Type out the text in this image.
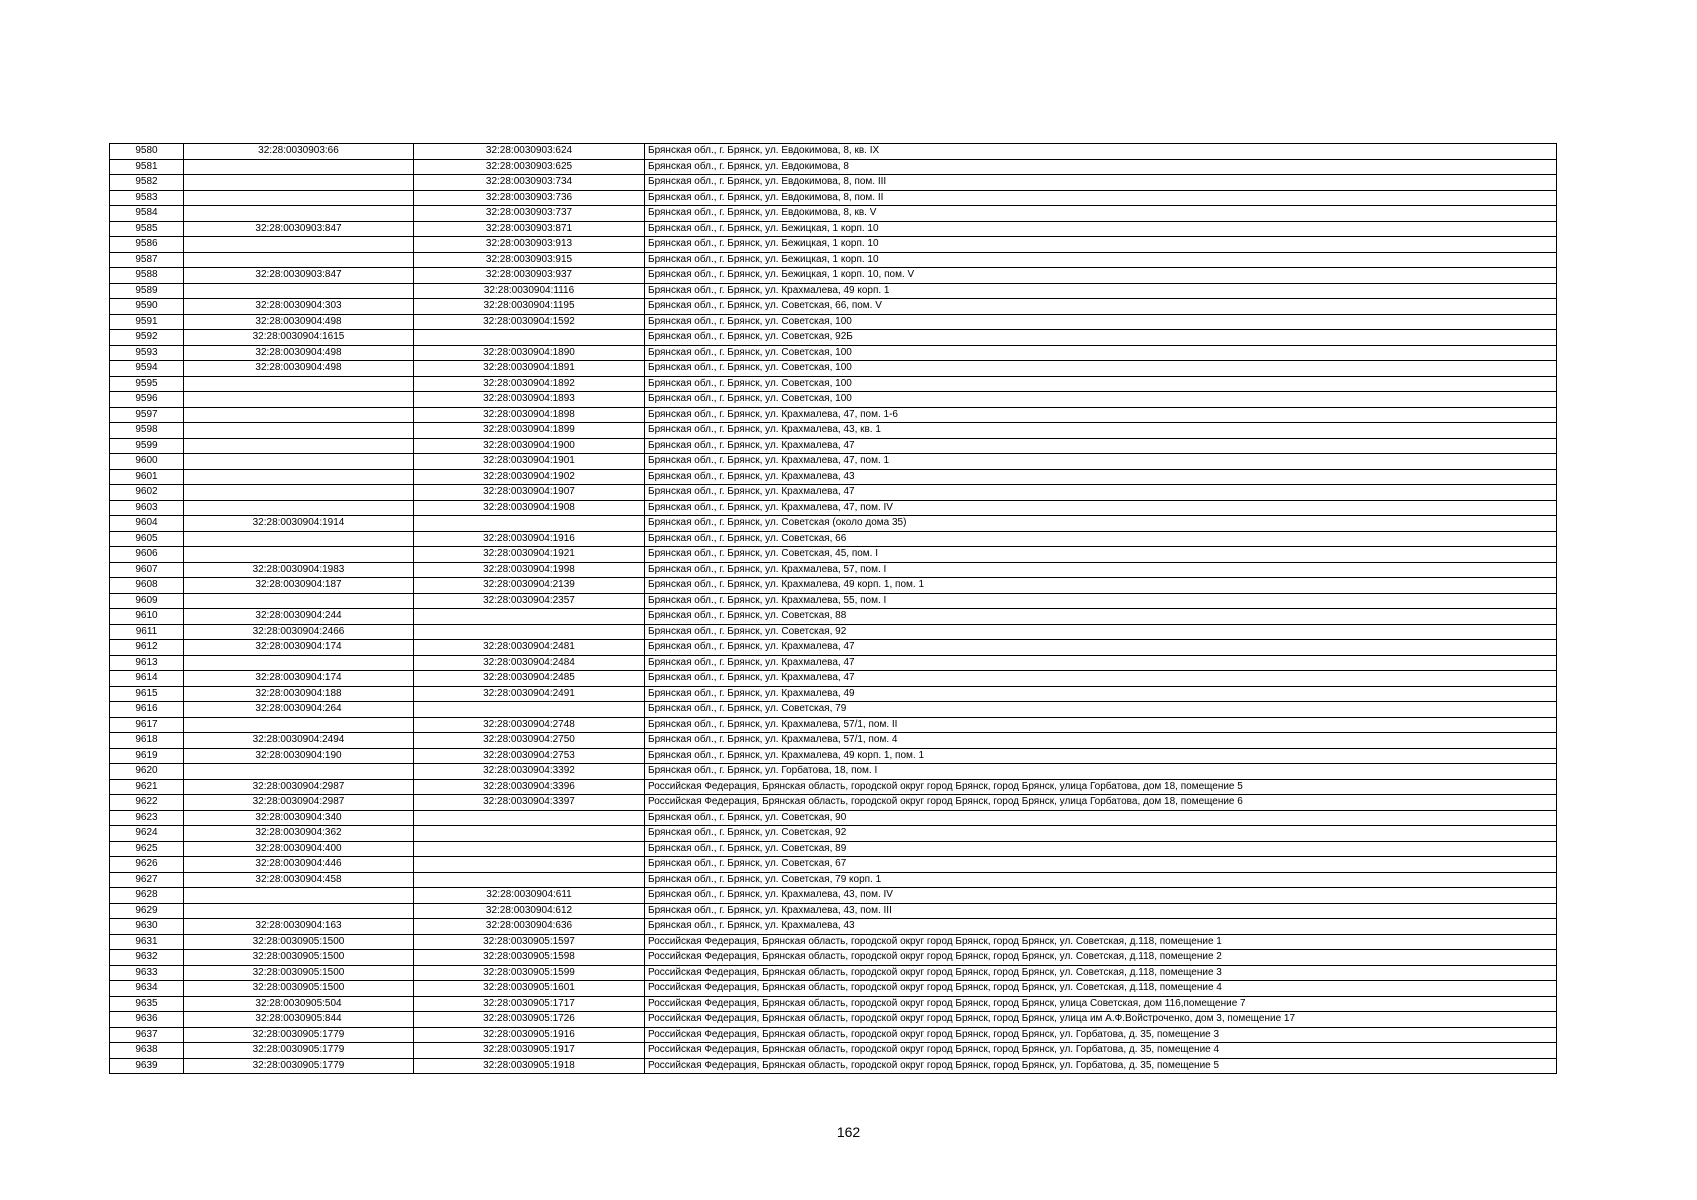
9580	32:28:0030903:66	32:28:0030903:624	Брянская обл., г. Брянск, ул. Евдокимова, 8, кв. IX
9581		32:28:0030903:625	Брянская обл., г. Брянск, ул. Евдокимова, 8
9582		32:28:0030903:734	Брянская обл., г. Брянск, ул. Евдокимова, 8, пом. III
9583		32:28:0030903:736	Брянская обл., г. Брянск, ул. Евдокимова, 8, пом. II
9584		32:28:0030903:737	Брянская обл., г. Брянск, ул. Евдокимова, 8, кв. V
9585	32:28:0030903:847	32:28:0030903:871	Брянская обл., г. Брянск, ул. Бежицкая, 1 корп. 10
9586		32:28:0030903:913	Брянская обл., г. Брянск, ул. Бежицкая, 1 корп. 10
9587		32:28:0030903:915	Брянская обл., г. Брянск, ул. Бежицкая, 1 корп. 10
9588	32:28:0030903:847	32:28:0030903:937	Брянская обл., г. Брянск, ул. Бежицкая, 1 корп. 10, пом. V
9589		32:28:0030904:1116	Брянская обл., г. Брянск, ул. Крахмалева, 49 корп. 1
9590	32:28:0030904:303	32:28:0030904:1195	Брянская обл., г. Брянск, ул. Советская, 66, пом. V
9591	32:28:0030904:498	32:28:0030904:1592	Брянская обл., г. Брянск, ул. Советская, 100
9592	32:28:0030904:1615		Брянская обл., г. Брянск, ул. Советская, 92Б
9593	32:28:0030904:498	32:28:0030904:1890	Брянская обл., г. Брянск, ул. Советская, 100
9594	32:28:0030904:498	32:28:0030904:1891	Брянская обл., г. Брянск, ул. Советская, 100
9595		32:28:0030904:1892	Брянская обл., г. Брянск, ул. Советская, 100
9596		32:28:0030904:1893	Брянская обл., г. Брянск, ул. Советская, 100
9597		32:28:0030904:1898	Брянская обл., г. Брянск, ул. Крахмалева, 47, пом. 1-6
9598		32:28:0030904:1899	Брянская обл., г. Брянск, ул. Крахмалева, 43, кв. 1
9599		32:28:0030904:1900	Брянская обл., г. Брянск, ул. Крахмалева, 47
9600		32:28:0030904:1901	Брянская обл., г. Брянск, ул. Крахмалева, 47, пом. 1
9601		32:28:0030904:1902	Брянская обл., г. Брянск, ул. Крахмалева, 43
9602		32:28:0030904:1907	Брянская обл., г. Брянск, ул. Крахмалева, 47
9603		32:28:0030904:1908	Брянская обл., г. Брянск, ул. Крахмалева, 47, пом. IV
9604	32:28:0030904:1914		Брянская обл., г. Брянск, ул. Советская (около дома 35)
9605		32:28:0030904:1916	Брянская обл., г. Брянск, ул. Советская, 66
9606		32:28:0030904:1921	Брянская обл., г. Брянск, ул. Советская, 45, пом. I
9607	32:28:0030904:1983	32:28:0030904:1998	Брянская обл., г. Брянск, ул. Крахмалева, 57, пом. I
9608	32:28:0030904:187	32:28:0030904:2139	Брянская обл., г. Брянск, ул. Крахмалева, 49 корп. 1, пом. 1
9609		32:28:0030904:2357	Брянская обл., г. Брянск, ул. Крахмалева, 55, пом. I
9610	32:28:0030904:244		Брянская обл., г. Брянск, ул. Советская, 88
9611	32:28:0030904:2466		Брянская обл., г. Брянск, ул. Советская, 92
9612	32:28:0030904:174	32:28:0030904:2481	Брянская обл., г. Брянск, ул. Крахмалева, 47
9613		32:28:0030904:2484	Брянская обл., г. Брянск, ул. Крахмалева, 47
9614	32:28:0030904:174	32:28:0030904:2485	Брянская обл., г. Брянск, ул. Крахмалева, 47
9615	32:28:0030904:188	32:28:0030904:2491	Брянская обл., г. Брянск, ул. Крахмалева, 49
9616	32:28:0030904:264		Брянская обл., г. Брянск, ул. Советская, 79
9617		32:28:0030904:2748	Брянская обл., г. Брянск, ул. Крахмалева, 57/1, пом. II
9618	32:28:0030904:2494	32:28:0030904:2750	Брянская обл., г. Брянск, ул. Крахмалева, 57/1, пом. 4
9619	32:28:0030904:190	32:28:0030904:2753	Брянская обл., г. Брянск, ул. Крахмалева, 49 корп. 1, пом. 1
9620		32:28:0030904:3392	Брянская обл., г. Брянск, ул. Горбатова, 18, пом. I
9621	32:28:0030904:2987	32:28:0030904:3396	Российская Федерация, Брянская область, городской округ город Брянск, город Брянск, улица Горбатова, дом 18, помещение 5
9622	32:28:0030904:2987	32:28:0030904:3397	Российская Федерация, Брянская область, городской округ город Брянск, город Брянск, улица Горбатова, дом 18, помещение 6
9623	32:28:0030904:340		Брянская обл., г. Брянск, ул. Советская, 90
9624	32:28:0030904:362		Брянская обл., г. Брянск, ул. Советская, 92
9625	32:28:0030904:400		Брянская обл., г. Брянск, ул. Советская, 89
9626	32:28:0030904:446		Брянская обл., г. Брянск, ул. Советская, 67
9627	32:28:0030904:458		Брянская обл., г. Брянск, ул. Советская, 79 корп. 1
9628		32:28:0030904:611	Брянская обл., г. Брянск, ул. Крахмалева, 43, пом. IV
9629		32:28:0030904:612	Брянская обл., г. Брянск, ул. Крахмалева, 43, пом. III
9630	32:28:0030904:163	32:28:0030904:636	Брянская обл., г. Брянск, ул. Крахмалева, 43
9631	32:28:0030905:1500	32:28:0030905:1597	Российская Федерация, Брянская область, городской округ город Брянск, город Брянск, ул. Советская, д.118, помещение 1
9632	32:28:0030905:1500	32:28:0030905:1598	Российская Федерация, Брянская область, городской округ город Брянск, город Брянск, ул. Советская, д.118, помещение 2
9633	32:28:0030905:1500	32:28:0030905:1599	Российская Федерация, Брянская область, городской округ город Брянск, город Брянск, ул. Советская, д.118, помещение 3
9634	32:28:0030905:1500	32:28:0030905:1601	Российская Федерация, Брянская область, городской округ город Брянск, город Брянск, ул. Советская, д.118, помещение 4
9635	32:28:0030905:504	32:28:0030905:1717	Российская Федерация, Брянская область, городской округ город Брянск, город Брянск, улица Советская, дом 116,помещение 7
9636	32:28:0030905:844	32:28:0030905:1726	Российская Федерация, Брянская область, городской округ город Брянск, город Брянск, улица им А.Ф.Войстроченко, дом 3, помещение 17
9637	32:28:0030905:1779	32:28:0030905:1916	Российская Федерация, Брянская область, городской округ город Брянск, город Брянск, ул. Горбатова, д. 35, помещение 3
9638	32:28:0030905:1779	32:28:0030905:1917	Российская Федерация, Брянская область, городской округ город Брянск, город Брянск, ул. Горбатова, д. 35, помещение 4
9639	32:28:0030905:1779	32:28:0030905:1918	Российская Федерация, Брянская область, городской округ город Брянск, город Брянск, ул. Горбатова, д. 35, помещение 5
162
